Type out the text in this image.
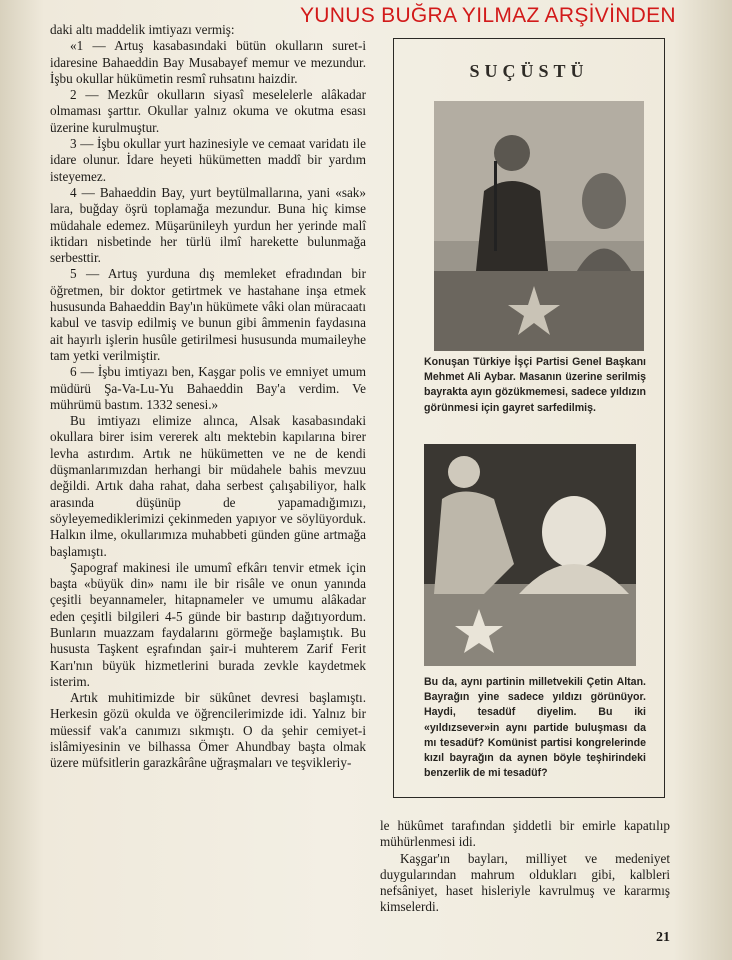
YUNUS BUĞRA YILMAZ ARŞİVİNDEN

daki altı maddelik imtiyazı vermiş:

«1 — Artuş kasabasındaki bütün okulların suret-i idaresine Bahaeddin Bay Musabayef memur ve mezundur. İşbu okullar hükümetin resmî ruhsatını haizdir.

2 — Mezkûr okulların siyasî meselelerle alâkadar olmaması şarttır. Okullar yalnız okuma ve okutma esası üzerine kurulmuştur.

3 — İşbu okullar yurt hazinesiyle ve cemaat varidatı ile idare olunur. İdare heyeti hükümetten maddî bir yardım isteyemez.

4 — Bahaeddin Bay, yurt beytülmallarına, yani «sak» lara, buğday öşrü toplamağa mezundur. Buna hiç kimse müdahale edemez. Müşarünileyh yurdun her yerinde malî iktidarı nisbetinde her türlü ilmî harekette bulunmağa serbesttir.

5 — Artuş yurduna dış memleket efradından bir öğretmen, bir doktor getirtmek ve hastahane inşa etmek hususunda Bahaeddin Bay'ın hükümete vâki olan müracaatı kabul ve tasvip edilmiş ve bunun gibi âmmenin faydasına ait hayırlı işlerin husûle getirilmesi hususunda mumaileyhe tam yetki verilmiştir.

6 — İşbu imtiyazı ben, Kaşgar polis ve emniyet umum müdürü Şa-Va-Lu-Yu Bahaeddin Bay'a verdim. Ve mührümü bastım. 1332 senesi.»

Bu imtiyazı elimize alınca, Alsak kasabasındaki okullara birer isim vererek altı mektebin kapılarına birer levha astırdım. Artık ne hükümetten ve ne de kendi düşmanlarımızdan herhangi bir müdahele bahis mevzuu değildi. Artık daha rahat, daha serbest çalışabiliyor, halk arasında düşünüp de yapamadığımızı, söyleyemediklerimizi çekinmeden yapıyor ve söylüyorduk. Halkın ilme, okullarımıza muhabbeti günden güne artmağa başlamıştı.

Şapograf makinesi ile umumî efkârı tenvir etmek için başta «büyük din» namı ile bir risâle ve onun yanında çeşitli beyannameler, hitapnameler ve umumu alâkadar eden çeşitli bilgileri 4-5 günde bir bastırıp dağıtıyordum. Bunların muazzam faydalarını görmeğe başlamıştık. Bu hususta Taşkent eşrafından şair-i muhterem Zarif Ferit Karı'nın büyük hizmetlerini burada zevkle kaydetmek isterim.

Artık muhitimizde bir sükûnet devresi başlamıştı. Herkesin gözü okulda ve öğrencilerimizde idi. Yalnız bir müessif vak'a canımızı sıkmıştı. O da şehir cemiyet-i islâmiyesinin ve bilhassa Ömer Ahundbay başta olmak üzere müfsitlerin garazkârâne uğraşmaları ve teşvikleriy-

SUÇÜSTÜ
Konuşan Türkiye İşçi Partisi Genel Başkanı Mehmet Ali Aybar. Masanın üzerine serilmiş bayrakta ayın gözükmemesi, sadece yıldızın görünmesi için gayret sarfedilmiş.
Bu da, aynı partinin milletvekili Çetin Altan. Bayrağın yine sadece yıldızı görünüyor. Haydi, tesadüf diyelim. Bu iki «yıldızsever»in aynı partide buluşması da mı tesadüf? Komünist partisi kongrelerinde kızıl bayrağın da aynen böyle teşhirindeki benzerlik de mi tesadüf?

le hükûmet tarafından şiddetli bir emirle kapatılıp mühürlenmesi idi.

Kaşgar'ın bayları, milliyet ve medeniyet duygularından mahrum oldukları gibi, kalbleri nefsâniyet, haset hisleriyle kavrulmuş ve kararmış kimselerdi.

21
